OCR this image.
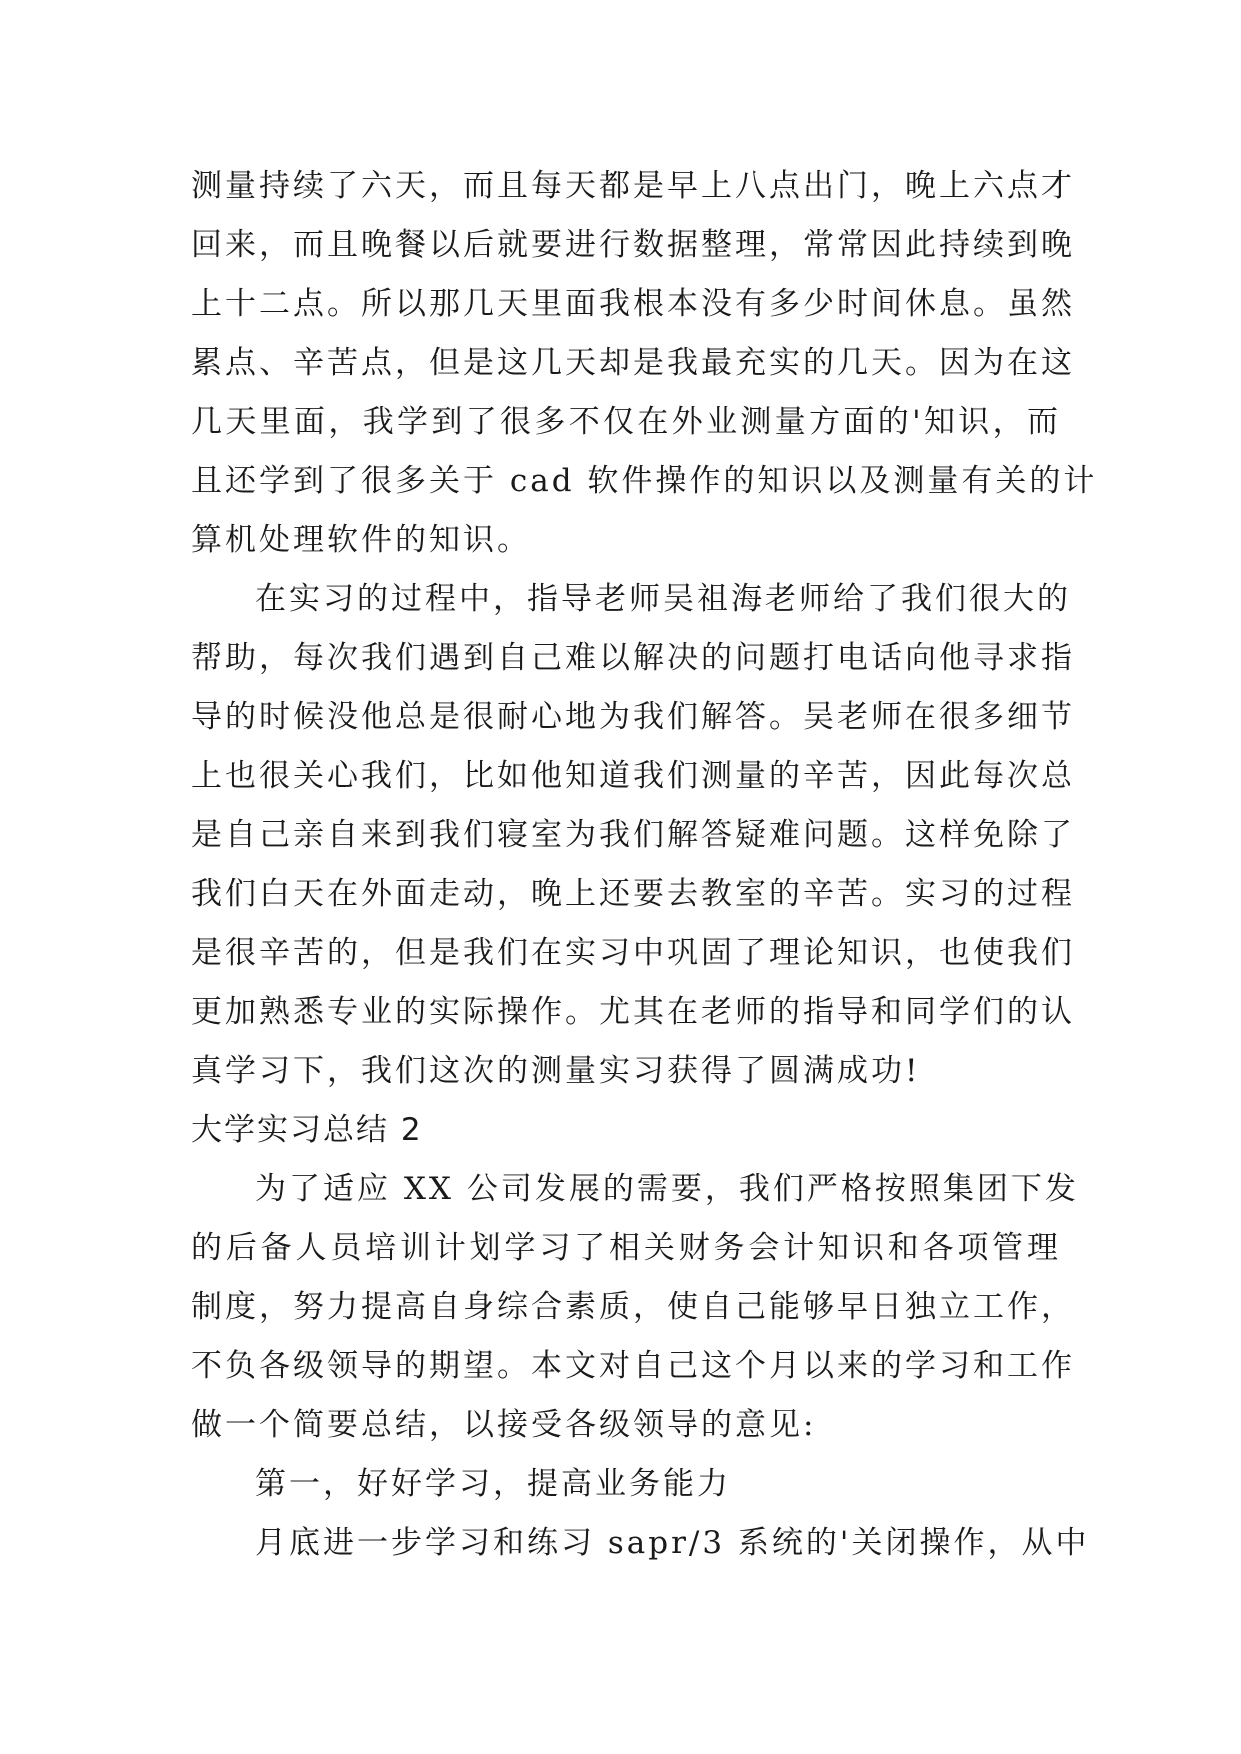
测量持续了六天，而且每天都是早上八点出门，晚上六点才
回来，而且晚餐以后就要进行数据整理，常常因此持续到晚
上十二点。所以那几天里面我根本没有多少时间休息。虽然
累点、辛苦点，但是这几天却是我最充实的几天。因为在这
几天里面，我学到了很多不仅在外业测量方面的'知识，而
且还学到了很多关于 cad 软件操作的知识以及测量有关的计
算机处理软件的知识。
在实习的过程中，指导老师吴祖海老师给了我们很大的
帮助，每次我们遇到自己难以解决的问题打电话向他寻求指
导的时候没他总是很耐心地为我们解答。吴老师在很多细节
上也很关心我们，比如他知道我们测量的辛苦，因此每次总
是自己亲自来到我们寝室为我们解答疑难问题。这样免除了
我们白天在外面走动，晚上还要去教室的辛苦。实习的过程
是很辛苦的，但是我们在实习中巩固了理论知识，也使我们
更加熟悉专业的实际操作。尤其在老师的指导和同学们的认
真学习下，我们这次的测量实习获得了圆满成功!
大学实习总结 2
为了适应 XX 公司发展的需要，我们严格按照集团下发
的后备人员培训计划学习了相关财务会计知识和各项管理
制度，努力提高自身综合素质，使自己能够早日独立工作，
不负各级领导的期望。本文对自己这个月以来的学习和工作
做一个简要总结，以接受各级领导的意见:
第一，好好学习，提高业务能力
月底进一步学习和练习 sapr/3 系统的'关闭操作，从中
